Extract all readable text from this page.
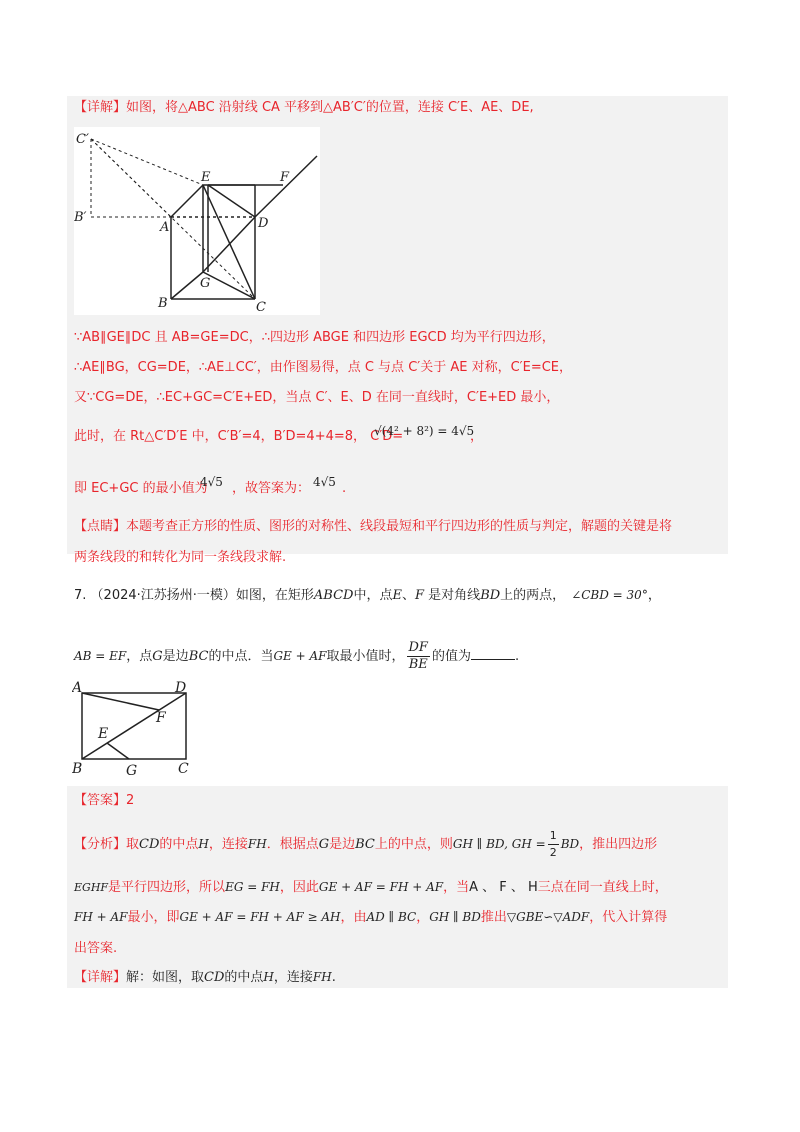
【详解】如图，将△ABC 沿射线 CA 平移到△AB′C′的位置，连接 C′E、AE、DE,
C′
E	F
B′
A	D
G
B	C
∵AB∥GE∥DC 且 AB=GE=DC，∴四边形 ABGE 和四边形 EGCD 均为平行四边形，
∴AE∥BG，CG=DE，∴AE⊥CC′，由作图易得，点 C 与点 C′关于 AE 对称，C′E=CE，
又∵CG=DE，∴EC+GC=C′E+ED，当点 C′、E、D 在同一直线时，C′E+ED 最小，
此时，在 Rt△C′D′E 中，C′B′=4，B′D=4+4=8， C′D=
√(4² + 8²) = 4√5
，
即 EC+GC 的最小值为
4√5 ，故答案为： 4√5 .
【点睛】本题考查正方形的性质、图形的对称性、线段最短和平行四边形的性质与判定，解题的关键是将
两条线段的和转化为同一条线段求解.
7. （2024·江苏扬州·一模）如图，在矩形ABCD中，点E、F 是对角线BD上的两点， ∠CBD = 30°，
AB = EF，点G是边BC的中点．当GE + AF取最小值时， $\frac{DF}{BE}$ 的值为	.
A	D
F
E
B	G	C
【答案】2
【分析】取CD的中点H，连接FH．根据点G是边BC上的中点，则GH ∥ BD, GH = $\frac{1}{2}$ BD，推出四边形
EGHF是平行四边形，所以EG = FH，因此GE + AF = FH + AF，当A 、 F 、 H三点在同一直线上时，
FH + AF最小，即GE + AF = FH + AF ≥ AH，由AD ∥ BC，GH ∥ BD推出▽GBE∽▽ADF，代入计算得
出答案.
【详解】解：如图，取CD的中点H，连接FH.
